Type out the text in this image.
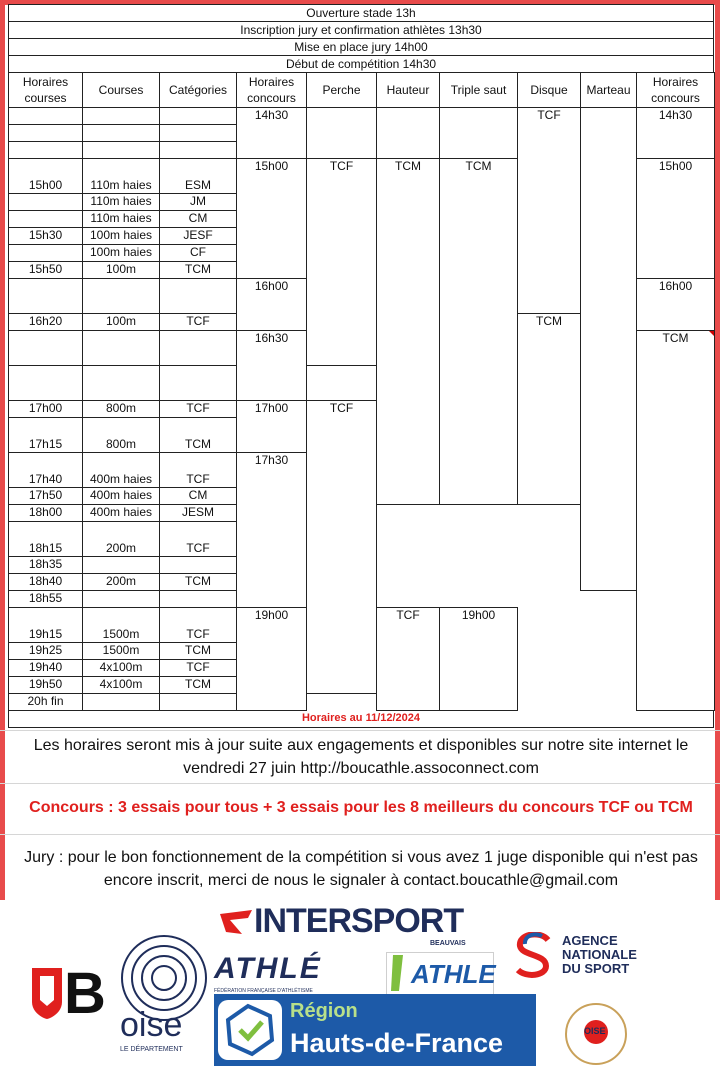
Ouverture stade 13h
Inscription jury et confirmation athlètes 13h30
Mise en place jury 14h00
Début de compétition 14h30
Horaires courses	Courses	Catégories	Horaires concours	Perche	Hauteur	Triple saut	Disque	Marteau	Horaires concours	
			14h30				TCF		14h30	

15h00	110m haies	ESM	15h00	TCF	TCM	TCM			15h00	
	110m haies	JM								
	110m haies	CM								
15h30	100m haies	JESF								
	100m haies	CF								
15h50	100m	TCM								
			16h00						16h00	
16h20	100m	TCF					TCM			
			16h30						TCM

17h00	800m	TCF	17h00	TCF		
17h15	800m	TCM								
17h40	400m haies	TCF	17h30		
17h50	400m haies	CM								
18h00	400m haies	JESM								
18h15	200m	TCF								
18h35										
18h40	200m	TCM								
18h55										
19h15	1500m	TCF	19h00		TCF	19h00				
19h25	1500m	TCM								
19h40	4x100m	TCF								
19h50	4x100m	TCM								
20h fin										
Horaires au 11/12/2024
Les horaires seront mis à jour suite aux engagements et disponibles sur notre site internet le vendredi 27 juin http://boucathle.assoconnect.com
Concours : 3 essais pour tous + 3 essais pour les 8 meilleurs du concours TCF ou TCM
Jury : pour le bon fonctionnement de la compétition si vous avez 1 juge disponible qui n'est pas encore inscrit, merci de nous le signaler à contact.boucathle@gmail.com
INTERSPORT
BEAUVAIS	AGENCE
NATIONALE
DU SPORT
B oise
LE DÉPARTEMENT
ATHLÉ
FÉDÉRATION FRANÇAISE D'ATHLÉTISME
ATHLE
Région
Hauts-de-France	OISE
